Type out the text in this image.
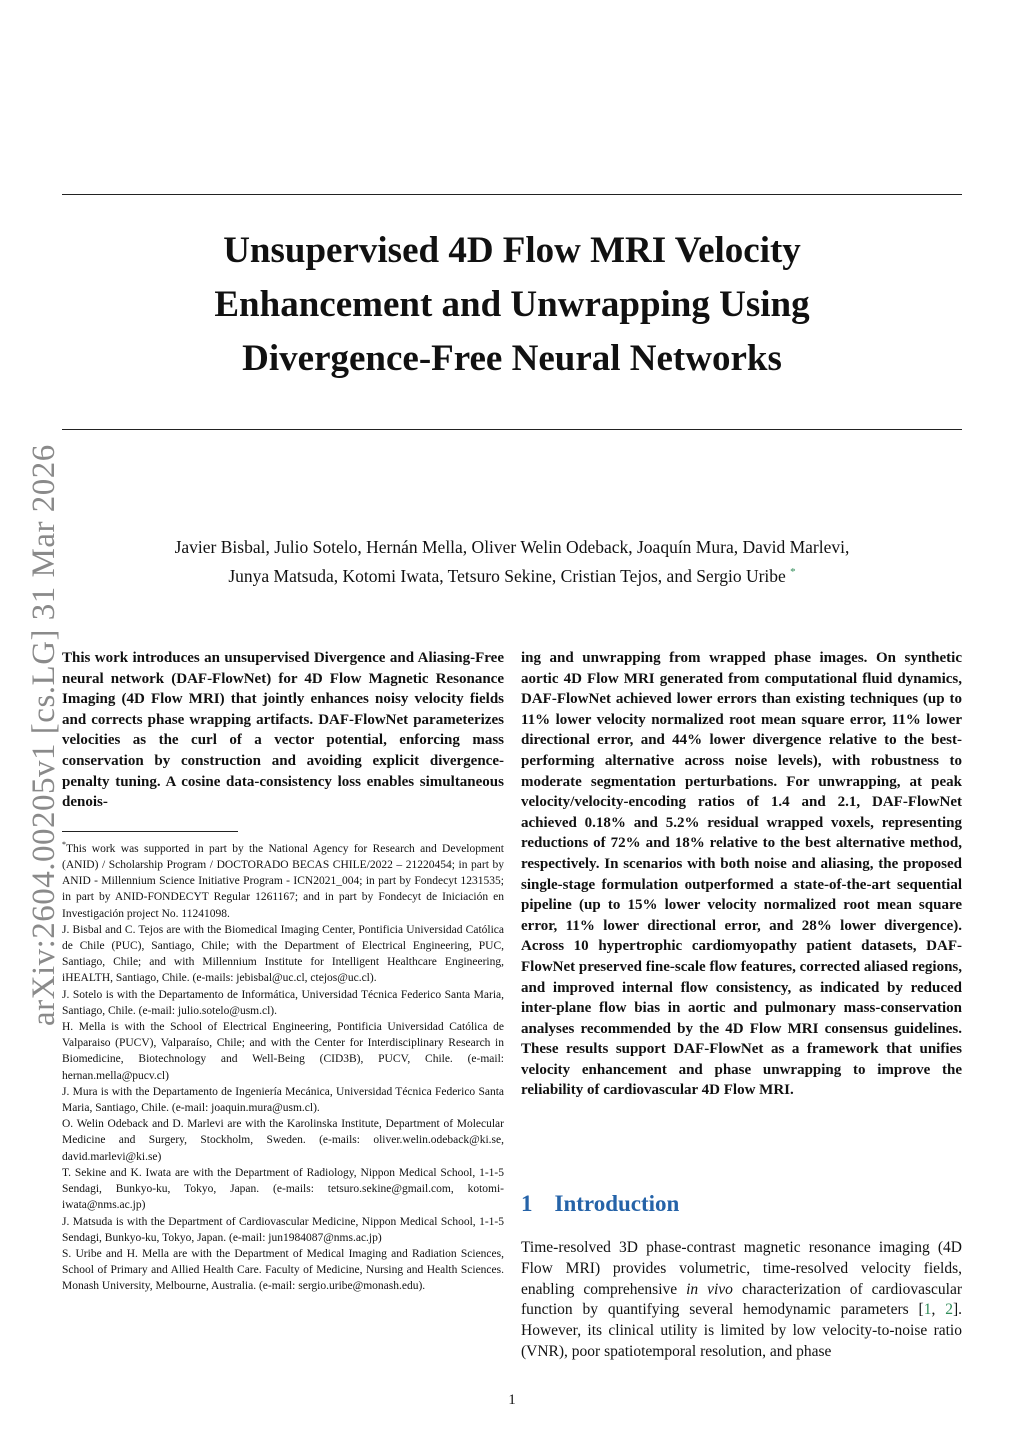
Unsupervised 4D Flow MRI Velocity
Enhancement and Unwrapping Using
Divergence-Free Neural Networks
arXiv:2604.00205v1 [cs.LG] 31 Mar 2026	Javier Bisbal, Julio Sotelo, Hernán Mella, Oliver Welin Odeback, Joaquín Mura, David Marlevi,
Junya Matsuda, Kotomi Iwata, Tetsuro Sekine, Cristian Tejos, and Sergio Uribe *

This work introduces an unsupervised Divergence and Aliasing-Free neural network (DAF-FlowNet) for 4D Flow Magnetic Resonance Imaging (4D Flow MRI) that jointly enhances noisy velocity fields and corrects phase wrapping artifacts. DAF-FlowNet parameterizes velocities as the curl of a vector potential, enforcing mass conservation by construction and avoiding explicit divergence-penalty tuning. A cosine data-consistency loss enables simultaneous denois-

*This work was supported in part by the National Agency for Research and Development (ANID) / Scholarship Program / DOCTORADO BECAS CHILE/2022 – 21220454; in part by ANID - Millennium Science Initiative Program - ICN2021_004; in part by Fondecyt 1231535; in part by ANID-FONDECYT Regular 1261167; and in part by Fondecyt de Iniciación en Investigación project No. 11241098.

J. Bisbal and C. Tejos are with the Biomedical Imaging Center, Pontificia Universidad Católica de Chile (PUC), Santiago, Chile; with the Department of Electrical Engineering, PUC, Santiago, Chile; and with Millennium Institute for Intelligent Healthcare Engineering, iHEALTH, Santiago, Chile. (e-mails: jebisbal@uc.cl, ctejos@uc.cl).

J. Sotelo is with the Departamento de Informática, Universidad Técnica Federico Santa Maria, Santiago, Chile. (e-mail: julio.sotelo@usm.cl).

H. Mella is with the School of Electrical Engineering, Pontificia Universidad Católica de Valparaiso (PUCV), Valparaíso, Chile; and with the Center for Interdisciplinary Research in Biomedicine, Biotechnology and Well-Being (CID3B), PUCV, Chile. (e-mail: hernan.mella@pucv.cl)

J. Mura is with the Departamento de Ingeniería Mecánica, Universidad Técnica Federico Santa Maria, Santiago, Chile. (e-mail: joaquin.mura@usm.cl).

O. Welin Odeback and D. Marlevi are with the Karolinska Institute, Department of Molecular Medicine and Surgery, Stockholm, Sweden. (e-mails: oliver.welin.odeback@ki.se, david.marlevi@ki.se)

T. Sekine and K. Iwata are with the Department of Radiology, Nippon Medical School, 1-1-5 Sendagi, Bunkyo-ku, Tokyo, Japan. (e-mails: tetsuro.sekine@gmail.com, kotomi-iwata@nms.ac.jp)

J. Matsuda is with the Department of Cardiovascular Medicine, Nippon Medical School, 1-1-5 Sendagi, Bunkyo-ku, Tokyo, Japan. (e-mail: jun1984087@nms.ac.jp)

S. Uribe and H. Mella are with the Department of Medical Imaging and Radiation Sciences, School of Primary and Allied Health Care. Faculty of Medicine, Nursing and Health Sciences. Monash University, Melbourne, Australia. (e-mail: sergio.uribe@monash.edu).

ing and unwrapping from wrapped phase images. On synthetic aortic 4D Flow MRI generated from computational fluid dynamics, DAF-FlowNet achieved lower errors than existing techniques (up to 11% lower velocity normalized root mean square error, 11% lower directional error, and 44% lower divergence relative to the best-performing alternative across noise levels), with robustness to moderate segmentation perturbations. For unwrapping, at peak velocity/velocity-encoding ratios of 1.4 and 2.1, DAF-FlowNet achieved 0.18% and 5.2% residual wrapped voxels, representing reductions of 72% and 18% relative to the best alternative method, respectively. In scenarios with both noise and aliasing, the proposed single-stage formulation outperformed a state-of-the-art sequential pipeline (up to 15% lower velocity normalized root mean square error, 11% lower directional error, and 28% lower divergence). Across 10 hypertrophic cardiomyopathy patient datasets, DAF-FlowNet preserved fine-scale flow features, corrected aliased regions, and improved internal flow consistency, as indicated by reduced inter-plane flow bias in aortic and pulmonary mass-conservation analyses recommended by the 4D Flow MRI consensus guidelines. These results support DAF-FlowNet as a framework that unifies velocity enhancement and phase unwrapping to improve the reliability of cardiovascular 4D Flow MRI.

1 Introduction

Time-resolved 3D phase-contrast magnetic resonance imaging (4D Flow MRI) provides volumetric, time-resolved velocity fields, enabling comprehensive in vivo characterization of cardiovascular function by quantifying several hemodynamic parameters [1, 2]. However, its clinical utility is limited by low velocity-to-noise ratio (VNR), poor spatiotemporal resolution, and phase

1
